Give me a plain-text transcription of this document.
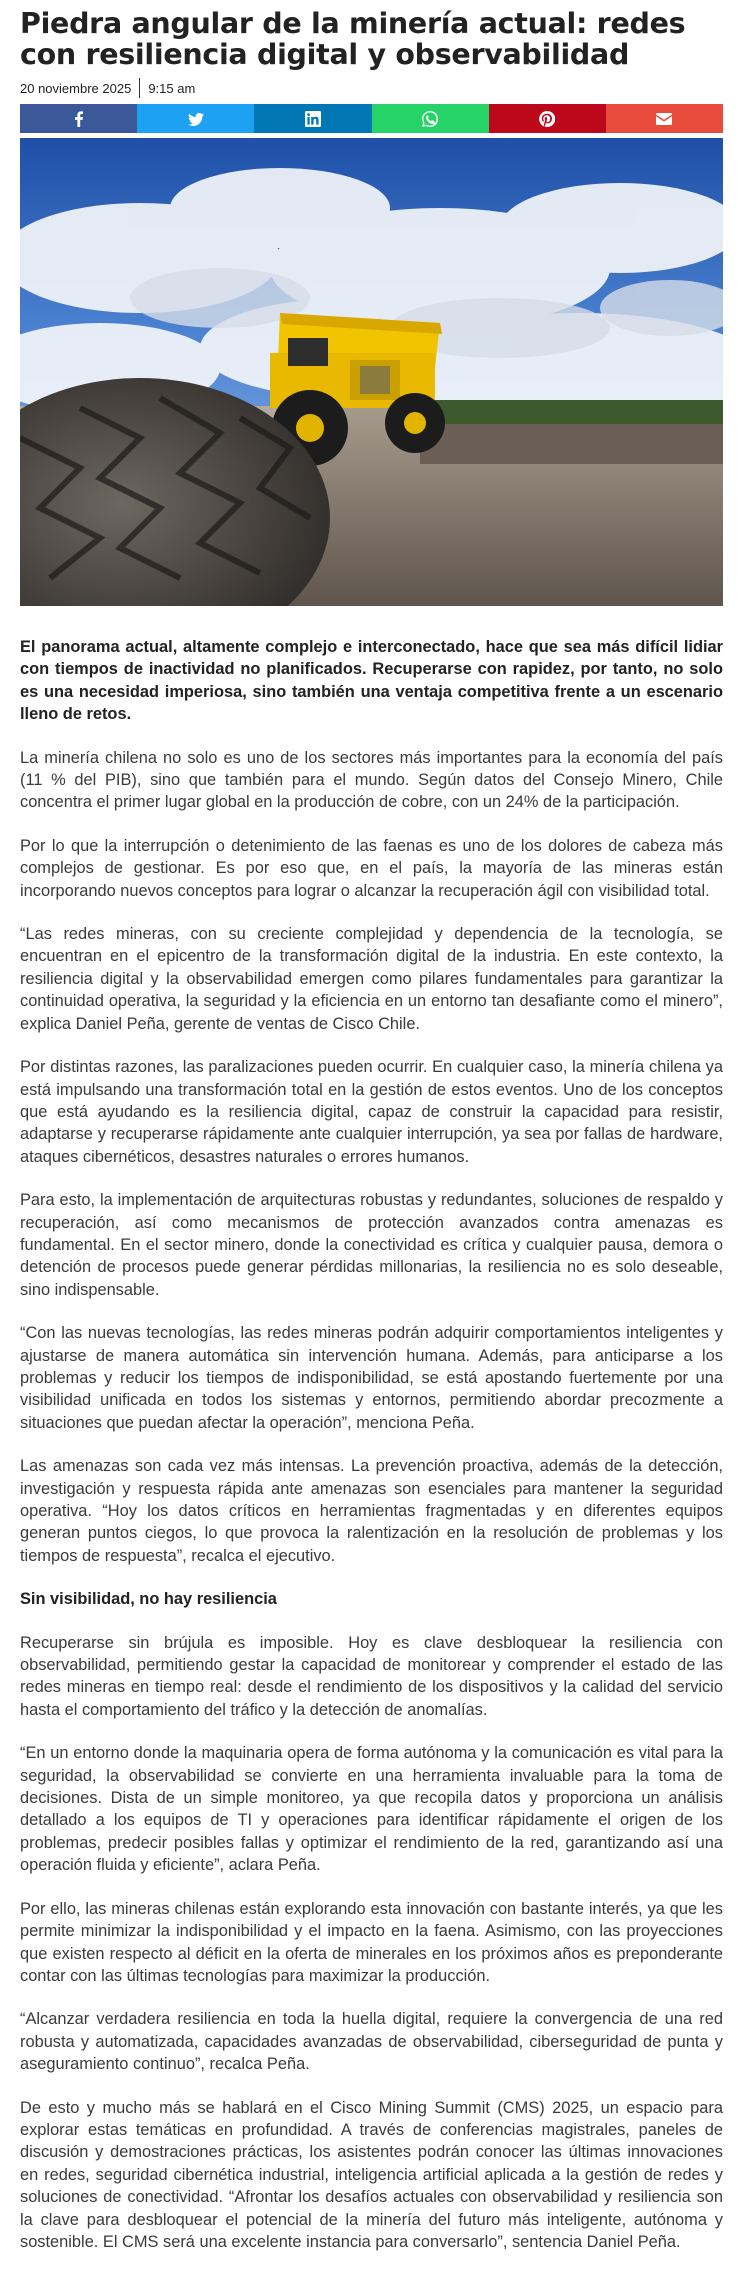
Piedra angular de la minería actual: redes con resiliencia digital y observabilidad
20 noviembre 2025 9:15 am

El panorama actual, altamente complejo e interconectado, hace que sea más difícil lidiar con tiempos de inactividad no planificados. Recuperarse con rapidez, por tanto, no solo es una necesidad imperiosa, sino también una ventaja competitiva frente a un escenario lleno de retos.

La minería chilena no solo es uno de los sectores más importantes para la economía del país (11 % del PIB), sino que también para el mundo. Según datos del Consejo Minero, Chile concentra el primer lugar global en la producción de cobre, con un 24% de la participación.

Por lo que la interrupción o detenimiento de las faenas es uno de los dolores de cabeza más complejos de gestionar. Es por eso que, en el país, la mayoría de las mineras están incorporando nuevos conceptos para lograr o alcanzar la recuperación ágil con visibilidad total.

“Las redes mineras, con su creciente complejidad y dependencia de la tecnología, se encuentran en el epicentro de la transformación digital de la industria. En este contexto, la resiliencia digital y la observabilidad emergen como pilares fundamentales para garantizar la continuidad operativa, la seguridad y la eficiencia en un entorno tan desafiante como el minero”, explica Daniel Peña, gerente de ventas de Cisco Chile.

Por distintas razones, las paralizaciones pueden ocurrir. En cualquier caso, la minería chilena ya está impulsando una transformación total en la gestión de estos eventos. Uno de los conceptos que está ayudando es la resiliencia digital, capaz de construir la capacidad para resistir, adaptarse y recuperarse rápidamente ante cualquier interrupción, ya sea por fallas de hardware, ataques cibernéticos, desastres naturales o errores humanos.

Para esto, la implementación de arquitecturas robustas y redundantes, soluciones de respaldo y recuperación, así como mecanismos de protección avanzados contra amenazas es fundamental. En el sector minero, donde la conectividad es crítica y cualquier pausa, demora o detención de procesos puede generar pérdidas millonarias, la resiliencia no es solo deseable, sino indispensable.

“Con las nuevas tecnologías, las redes mineras podrán adquirir comportamientos inteligentes y ajustarse de manera automática sin intervención humana. Además, para anticiparse a los problemas y reducir los tiempos de indisponibilidad, se está apostando fuertemente por una visibilidad unificada en todos los sistemas y entornos, permitiendo abordar precozmente a situaciones que puedan afectar la operación”, menciona Peña.

Las amenazas son cada vez más intensas. La prevención proactiva, además de la detección, investigación y respuesta rápida ante amenazas son esenciales para mantener la seguridad operativa. “Hoy los datos críticos en herramientas fragmentadas y en diferentes equipos generan puntos ciegos, lo que provoca la ralentización en la resolución de problemas y los tiempos de respuesta”, recalca el ejecutivo.

Sin visibilidad, no hay resiliencia

Recuperarse sin brújula es imposible. Hoy es clave desbloquear la resiliencia con observabilidad, permitiendo gestar la capacidad de monitorear y comprender el estado de las redes mineras en tiempo real: desde el rendimiento de los dispositivos y la calidad del servicio hasta el comportamiento del tráfico y la detección de anomalías.

“En un entorno donde la maquinaria opera de forma autónoma y la comunicación es vital para la seguridad, la observabilidad se convierte en una herramienta invaluable para la toma de decisiones. Dista de un simple monitoreo, ya que recopila datos y proporciona un análisis detallado a los equipos de TI y operaciones para identificar rápidamente el origen de los problemas, predecir posibles fallas y optimizar el rendimiento de la red, garantizando así una operación fluida y eficiente”, aclara Peña.

Por ello, las mineras chilenas están explorando esta innovación con bastante interés, ya que les permite minimizar la indisponibilidad y el impacto en la faena. Asimismo, con las proyecciones que existen respecto al déficit en la oferta de minerales en los próximos años es preponderante contar con las últimas tecnologías para maximizar la producción.

“Alcanzar verdadera resiliencia en toda la huella digital, requiere la convergencia de una red robusta y automatizada, capacidades avanzadas de observabilidad, ciberseguridad de punta y aseguramiento continuo”, recalca Peña.

De esto y mucho más se hablará en el Cisco Mining Summit (CMS) 2025, un espacio para explorar estas temáticas en profundidad. A través de conferencias magistrales, paneles de discusión y demostraciones prácticas, los asistentes podrán conocer las últimas innovaciones en redes, seguridad cibernética industrial, inteligencia artificial aplicada a la gestión de redes y soluciones de conectividad. “Afrontar los desafíos actuales con observabilidad y resiliencia son la clave para desbloquear el potencial de la minería del futuro más inteligente, autónoma y sostenible. El CMS será una excelente instancia para conversarlo”, sentencia Daniel Peña.
